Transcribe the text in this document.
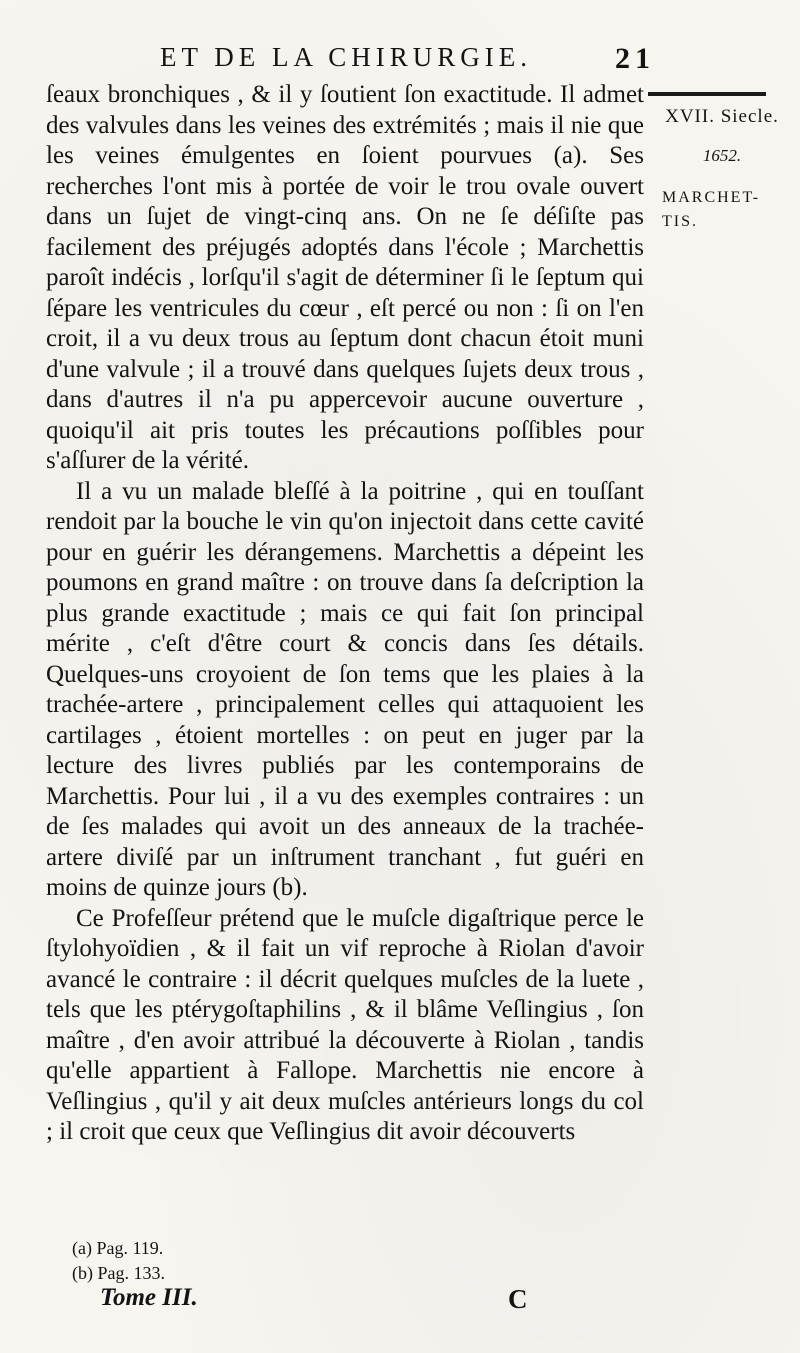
ET DE LA CHIRURGIE.	21

ſeaux bronchiques , & il y ſoutient ſon exactitude. Il admet des valvules dans les veines des extrémités ; mais il nie que les veines émulgentes en ſoient pourvues (a). Ses recherches l'ont mis à portée de voir le trou ovale ouvert dans un ſujet de vingt-cinq ans. On ne ſe déſiſte pas facilement des préjugés adoptés dans l'école ; Marchettis paroît indécis , lorſqu'il s'agit de déterminer ſi le ſeptum qui ſépare les ventricules du cœur , eſt percé ou non : ſi on l'en croit, il a vu deux trous au ſeptum dont chacun étoit muni d'une valvule ; il a trouvé dans quelques ſujets deux trous , dans d'autres il n'a pu appercevoir aucune ouverture , quoiqu'il ait pris toutes les précautions poſſibles pour s'aſſurer de la vérité.

Il a vu un malade bleſſé à la poitrine , qui en touſſant rendoit par la bouche le vin qu'on injectoit dans cette cavité pour en guérir les dérangemens. Marchettis a dépeint les poumons en grand maître : on trouve dans ſa deſcription la plus grande exactitude ; mais ce qui fait ſon principal mérite , c'eſt d'être court & concis dans ſes détails. Quelques-uns croyoient de ſon tems que les plaies à la trachée-artere , principalement celles qui attaquoient les cartilages , étoient mortelles : on peut en juger par la lecture des livres publiés par les contemporains de Marchettis. Pour lui , il a vu des exemples contraires : un de ſes malades qui avoit un des anneaux de la trachée-artere diviſé par un inſtrument tranchant , fut guéri en moins de quinze jours (b).

Ce Profeſſeur prétend que le muſcle digaſtrique perce le ſtylohyoïdien , & il fait un vif reproche à Riolan d'avoir avancé le contraire : il décrit quelques muſcles de la luete , tels que les ptérygoſtaphilins , & il blâme Veſlingius , ſon maître , d'en avoir attribué la découverte à Riolan , tandis qu'elle appartient à Fallope. Marchettis nie encore à Veſlingius , qu'il y ait deux muſcles antérieurs longs du col ; il croit que ceux que Veſlingius dit avoir découverts

XVII. Siecle.
1652.
MARCHET-TIS.
(a) Pag. 119.
(b) Pag. 133.
Tome III.	C
